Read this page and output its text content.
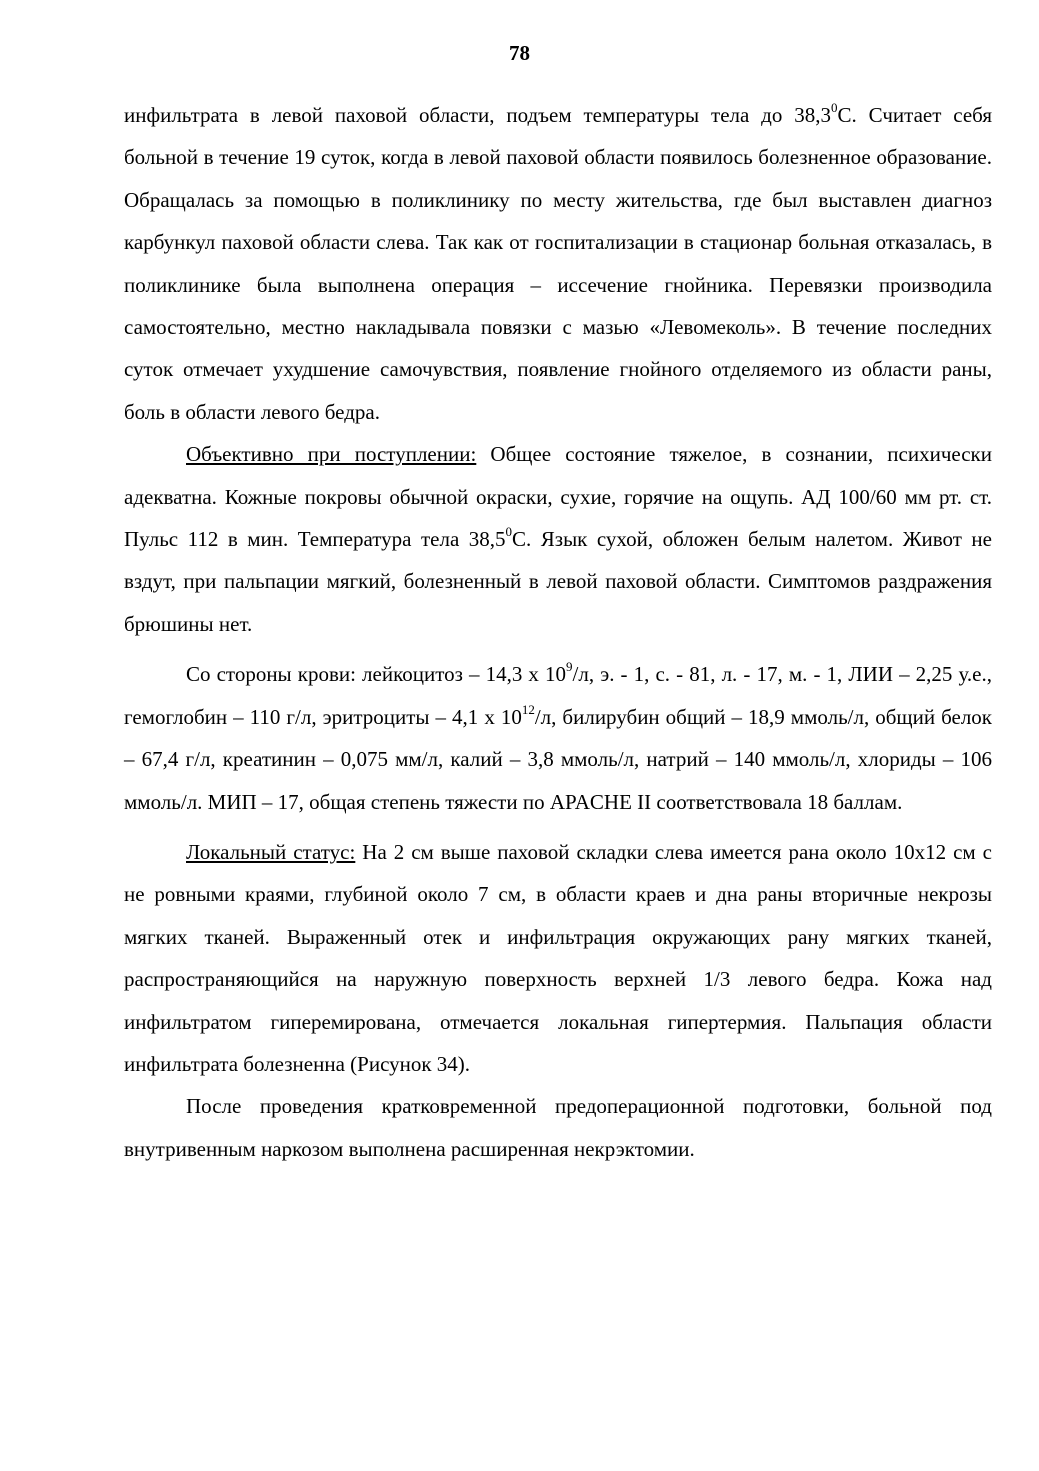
78

инфильтрата в левой паховой области, подъем температуры тела до 38,3$^0$С. Считает себя больной в течение 19 суток, когда в левой паховой области появилось болезненное образование. Обращалась за помощью в поликлинику по месту жительства, где был выставлен диагноз карбункул паховой области слева. Так как от госпитализации в стационар больная отказалась, в поликлинике была выполнена операция – иссечение гнойника. Перевязки производила самостоятельно, местно накладывала повязки с мазью «Левомеколь». В течение последних суток отмечает ухудшение самочувствия, появление гнойного отделяемого из области раны, боль в области левого бедра.

Объективно при поступлении: Общее состояние тяжелое, в сознании, психически адекватна. Кожные покровы обычной окраски, сухие, горячие на ощупь. АД 100/60 мм рт. ст. Пульс 112 в мин. Температура тела 38,5$^0$С. Язык сухой, обложен белым налетом. Живот не вздут, при пальпации мягкий, болезненный в левой паховой области. Симптомов раздражения брюшины нет.

Со стороны крови: лейкоцитоз – 14,3 х $10^9/л$, э. - 1, с. - 81, л. - 17, м. - 1, ЛИИ – 2,25 у.е., гемоглобин – 110 г/л, эритроциты – 4,1 х $10^{12}/л$, билирубин общий – 18,9 ммоль/л, общий белок – 67,4 г/л, креатинин – 0,075 мм/л, калий – 3,8 ммоль/л, натрий – 140 ммоль/л, хлориды – 106 ммоль/л. МИП – 17, общая степень тяжести по APACHE II соответствовала 18 баллам.

Локальный статус: На 2 см выше паховой складки слева имеется рана около 10х12 см с не ровными краями, глубиной около 7 см, в области краев и дна раны вторичные некрозы мягких тканей. Выраженный отек и инфильтрация окружающих рану мягких тканей, распространяющийся на наружную поверхность верхней 1/3 левого бедра. Кожа над инфильтратом гиперемирована, отмечается локальная гипертермия. Пальпация области инфильтрата болезненна (Рисунок 34).

После проведения кратковременной предоперационной подготовки, больной под внутривенным наркозом выполнена расширенная некрэктомии.
